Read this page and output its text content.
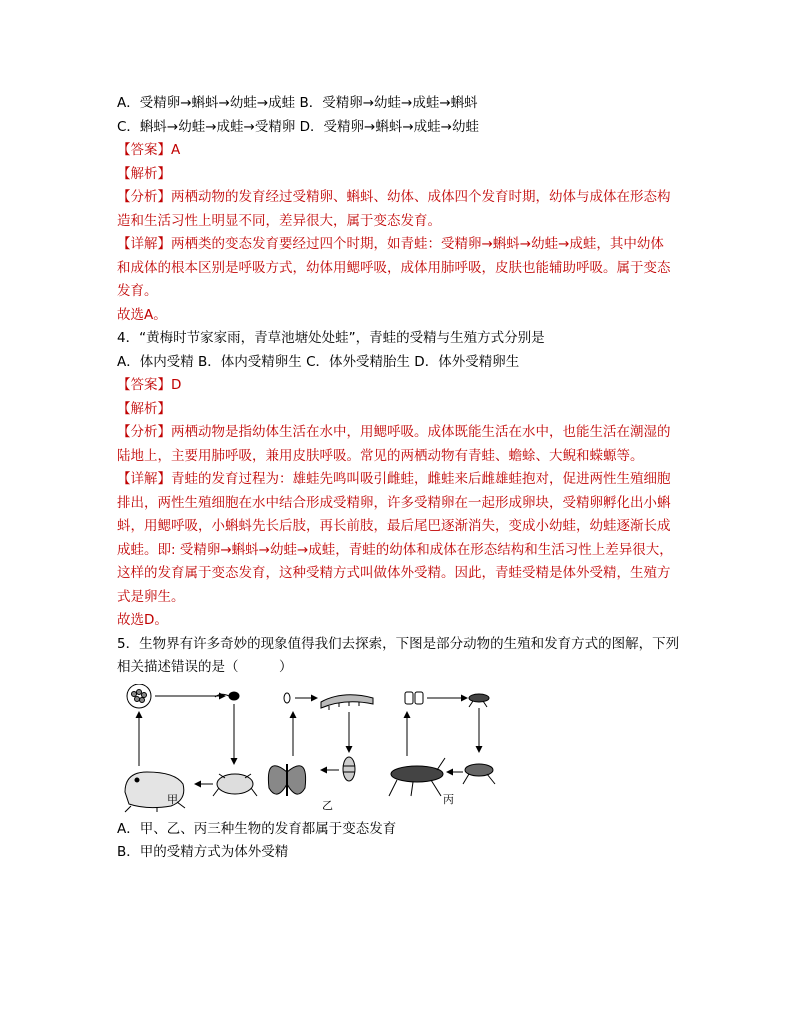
A．受精卵→蝌蚪→幼蛙→成蛙 B．受精卵→幼蛙→成蛙→蝌蚪
C．蝌蚪→幼蛙→成蛙→受精卵 D．受精卵→蝌蚪→成蛙→幼蛙
【答案】A
【解析】
【分析】两栖动物的发育经过受精卵、蝌蚪、幼体、成体四个发育时期，幼体与成体在形态构
造和生活习性上明显不同，差异很大，属于变态发育。
【详解】两栖类的变态发育要经过四个时期，如青蛙：受精卵→蝌蚪→幼蛙→成蛙，其中幼体
和成体的根本区别是呼吸方式，幼体用鳃呼吸，成体用肺呼吸，皮肤也能辅助呼吸。属于变态
发育。
故选A。
4．“黄梅时节家家雨，青草池塘处处蛙”，青蛙的受精与生殖方式分别是
A．体内受精 B．体内受精卵生 C．体外受精胎生 D．体外受精卵生
【答案】D
【解析】
【分析】两栖动物是指幼体生活在水中，用鳃呼吸。成体既能生活在水中，也能生活在潮湿的
陆地上，主要用肺呼吸，兼用皮肤呼吸。常见的两栖动物有青蛙、蟾蜍、大鲵和蝾螈等。
【详解】青蛙的发育过程为：雄蛙先鸣叫吸引雌蛙，雌蛙来后雌雄蛙抱对，促进两性生殖细胞
排出，两性生殖细胞在水中结合形成受精卵，许多受精卵在一起形成卵块，受精卵孵化出小蝌
蚪，用鳃呼吸，小蝌蚪先长后肢，再长前肢，最后尾巴逐渐消失，变成小幼蛙，幼蛙逐渐长成
成蛙。即: 受精卵→蝌蚪→幼蛙→成蛙，青蛙的幼体和成体在形态结构和生活习性上差异很大，
这样的发育属于变态发育，这种受精方式叫做体外受精。因此，青蛙受精是体外受精，生殖方
式是卵生。
故选D。
5．生物界有许多奇妙的现象值得我们去探索，下图是部分动物的生殖和发育方式的图解，下列
相关描述错误的是（　　　）
甲	乙	丙
A．甲、乙、丙三种生物的发育都属于变态发育
B．甲的受精方式为体外受精
